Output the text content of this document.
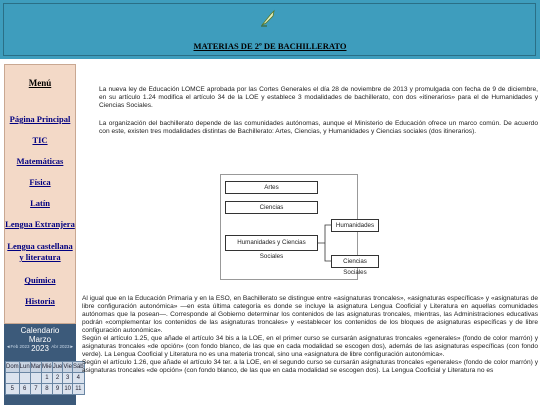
MATERIAS DE 2º DE BACHILLERATO
Menú
Página Principal
TIC
Matemáticas
Física
Latín
Lengua Extranjera
Lengua castellana y literatura
Química
Historia
Calendario
Marzo
2023
◄Feb 2023	Abr 2023►
Dom	Lun	Mar	Mié	Jue	Vie	Sáb
			1	2	3	4
5	6	7	8	9	10	11

La nueva ley de Educación LOMCE aprobada por las Cortes Generales el día 28 de noviembre de 2013 y promulgada con fecha de 9 de diciembre, en su artículo 1.24 modifica el artículo 34 de la LOE y establece 3 modalidades de bachillerato, con dos «itinerarios» para el de Humanidades y Ciencias Sociales.

La organización del bachillerato depende de las comunidades autónomas, aunque el Ministerio de Educación ofrece un marco común. De acuerdo con este, existen tres modalidades distintas de Bachillerato: Artes, Ciencias, y Humanidades y Ciencias sociales (dos itinerarios).

Artes
Ciencias
Humanidades y Ciencias Sociales
Humanidades
Ciencias Sociales

Al igual que en la Educación Primaria y en la ESO, en Bachillerato se distingue entre «asignaturas troncales», «asignaturas específicas» y «asignaturas de libre configuración autonómica» —en esta última categoría es donde se incluye la asignatura Lengua Cooficial y Literatura en aquellas comunidades autónomas que la posean—. Corresponde al Gobierno determinar los contenidos de las asignaturas troncales, mientras, las Administraciones educativas podrán «complementar los contenidos de las asignaturas troncales» y «establecer los contenidos de los bloques de asignaturas específicas y de libre configuración autonómica».

Según el artículo 1.25, que añade el artículo 34 bis a la LOE, en el primer curso se cursarán asignaturas troncales «generales» (fondo de color marrón) y asignaturas troncales «de opción» (con fondo blanco, de las que en cada modalidad se escogen dos), además de las asignaturas específicas (con fondo verde). La Lengua Cooficial y Literatura no es una materia troncal, sino una «asignatura de libre configuración autonómica».

Según el artículo 1.26, que añade el artículo 34 ter. a la LOE, en el segundo curso se cursarán asignaturas troncales «generales» (fondo de color marrón) y asignaturas troncales «de opción» (con fondo blanco, de las que en cada modalidad se escogen dos). La Lengua Cooficial y Literatura no es
